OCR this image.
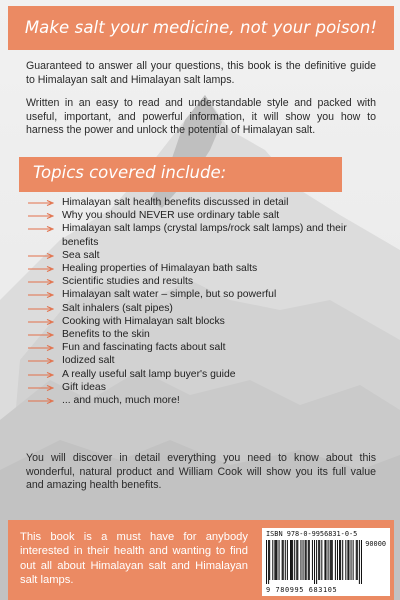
Make salt your medicine, not your poison!

Guaranteed to answer all your questions, this book is the definitive guide to Himalayan salt and Himalayan salt lamps.

Written in an easy to read and understandable style and packed with useful, important, and powerful information, it will show you how to harness the power and unlock the potential of Himalayan salt.

Topics covered include:
Himalayan salt health benefits discussed in detail
Why you should NEVER use ordinary table salt
Himalayan salt lamps (crystal lamps/rock salt lamps) and their benefits
Sea salt
Healing properties of Himalayan bath salts
Scientific studies and results
Himalayan salt water – simple, but so powerful
Salt inhalers (salt pipes)
Cooking with Himalayan salt blocks
Benefits to the skin
Fun and fascinating facts about salt
Iodized salt
A really useful salt lamp buyer's guide
Gift ideas
... and much, much more!
You will discover in detail everything you need to know about this wonderful, natural product and William Cook will show you its full value and amazing health benefits.
This book is a must have for anybody interested in their health and wanting to find out all about Himalayan salt and Himalayan salt lamps.
ISBN 978-0-9956831-0-5
90000
9 780995 683105
